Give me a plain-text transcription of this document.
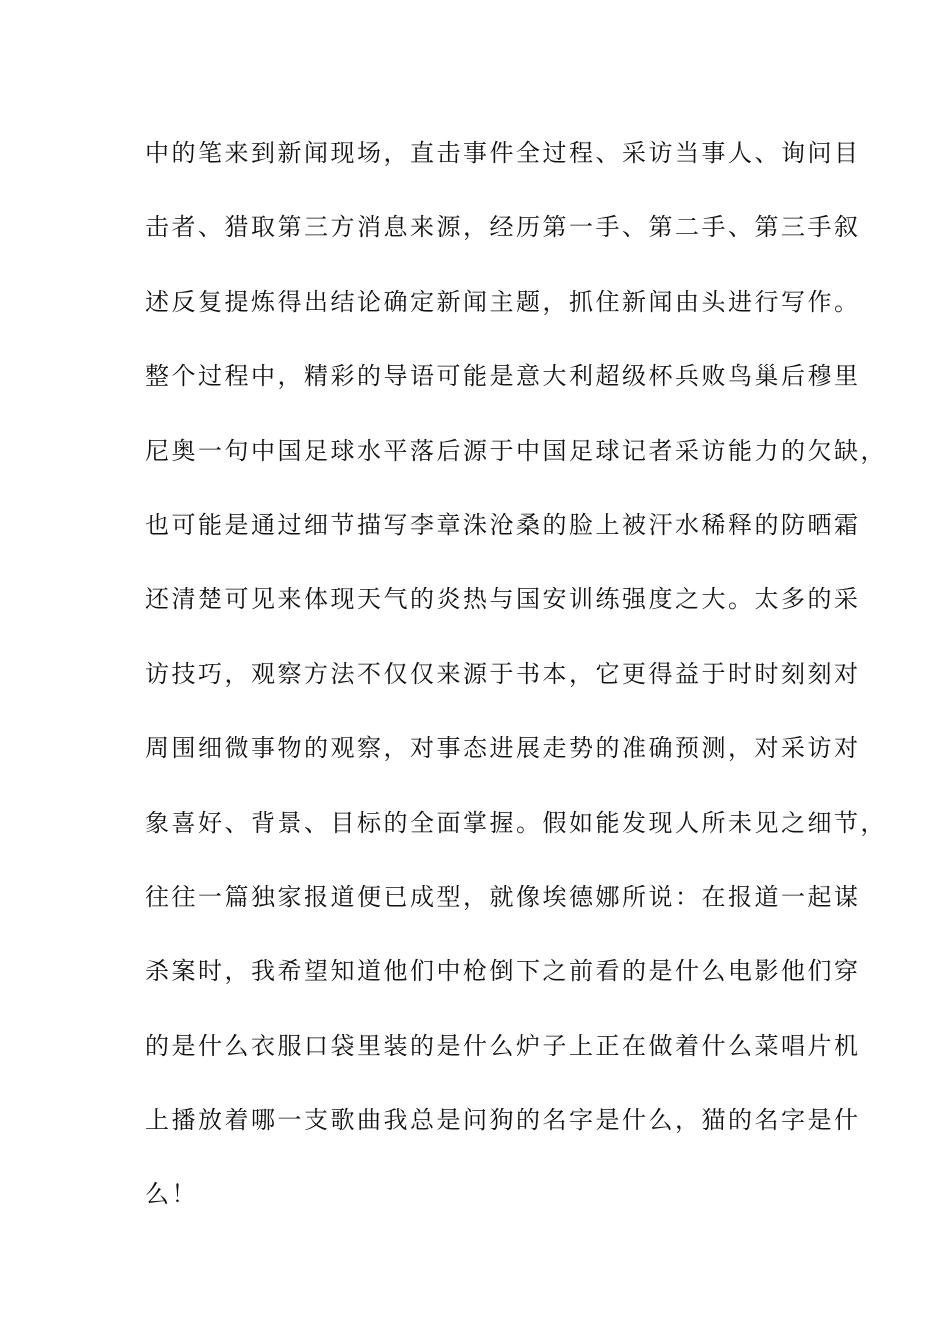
中的笔来到新闻现场，直击事件全过程、采访当事人、询问目
击者、猎取第三方消息来源，经历第一手、第二手、第三手叙
述反复提炼得出结论确定新闻主题，抓住新闻由头进行写作。
整个过程中，精彩的导语可能是意大利超级杯兵败鸟巢后穆里
尼奥一句中国足球水平落后源于中国足球记者采访能力的欠缺，
也可能是通过细节描写李章洙沧桑的脸上被汗水稀释的防晒霜
还清楚可见来体现天气的炎热与国安训练强度之大。太多的采
访技巧，观察方法不仅仅来源于书本，它更得益于时时刻刻对
周围细微事物的观察，对事态进展走势的准确预测，对采访对
象喜好、背景、目标的全面掌握。假如能发现人所未见之细节，
往往一篇独家报道便已成型，就像埃德娜所说：在报道一起谋
杀案时，我希望知道他们中枪倒下之前看的是什么电影他们穿
的是什么衣服口袋里装的是什么炉子上正在做着什么菜唱片机
上播放着哪一支歌曲我总是问狗的名字是什么，猫的名字是什
么！
